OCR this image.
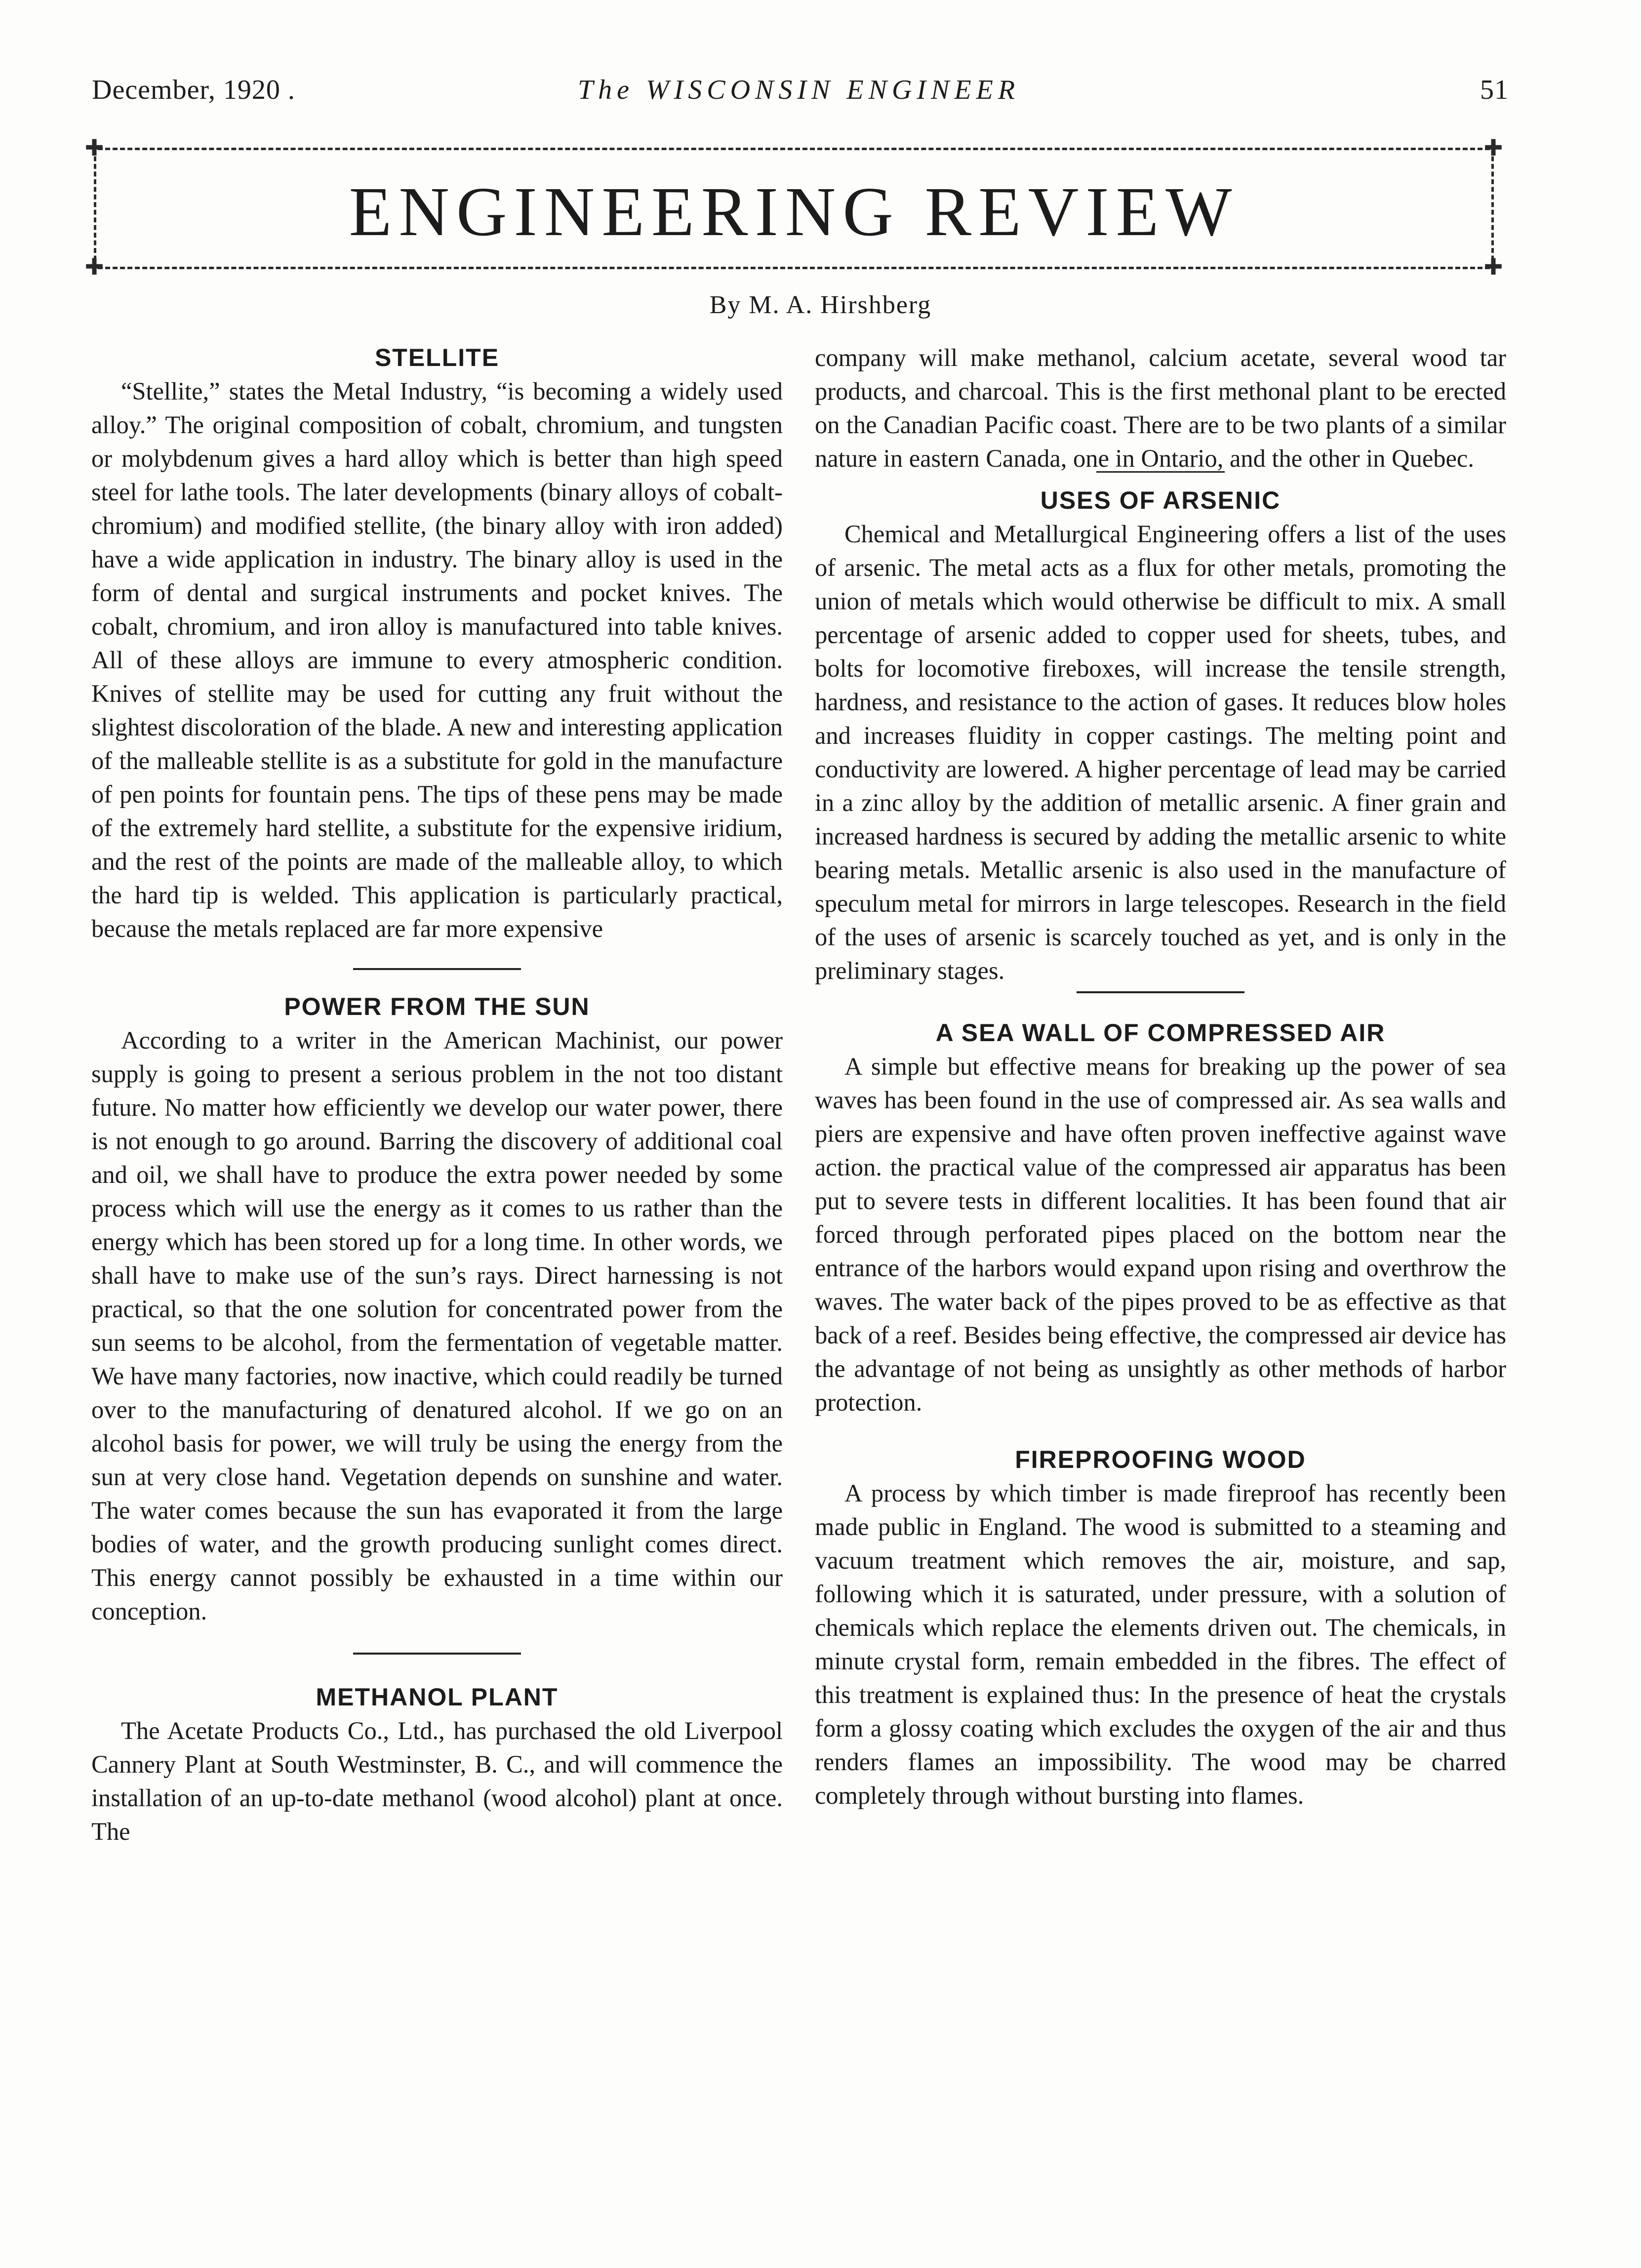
December, 1920 .	The WISCONSIN ENGINEER	51
✚	✚
✚	✚
ENGINEERING REVIEW
By M. A. Hirshberg
STELLITE

“Stellite,” states the Metal Industry, “is becoming a widely used alloy.” The original composition of cobalt, chromium, and tungsten or molybdenum gives a hard alloy which is better than high speed steel for lathe tools. The later developments (binary alloys of cobalt-chromium) and modified stellite, (the binary alloy with iron added) have a wide application in industry. The binary alloy is used in the form of dental and surgical instruments and pocket knives. The cobalt, chromium, and iron alloy is manufactured into table knives. All of these alloys are immune to every atmospheric condition. Knives of stellite may be used for cutting any fruit without the slightest discoloration of the blade. A new and interesting application of the malleable stellite is as a substitute for gold in the manufacture of pen points for fountain pens. The tips of these pens may be made of the extremely hard stellite, a substitute for the expensive iridium, and the rest of the points are made of the malleable alloy, to which the hard tip is welded. This application is particularly practical, because the metals replaced are far more expensive

POWER FROM THE SUN

According to a writer in the American Machinist, our power supply is going to present a serious problem in the not too distant future. No matter how efficiently we develop our water power, there is not enough to go around. Barring the discovery of additional coal and oil, we shall have to produce the extra power needed by some process which will use the energy as it comes to us rather than the energy which has been stored up for a long time. In other words, we shall have to make use of the sun’s rays. Direct harnessing is not practical, so that the one solution for concentrated power from the sun seems to be alcohol, from the fermentation of vegetable matter. We have many factories, now inactive, which could readily be turned over to the manufacturing of denatured alcohol. If we go on an alcohol basis for power, we will truly be using the energy from the sun at very close hand. Vegetation depends on sunshine and water. The water comes because the sun has evaporated it from the large bodies of water, and the growth producing sunlight comes direct. This energy cannot possibly be exhausted in a time within our conception.

METHANOL PLANT

The Acetate Products Co., Ltd., has purchased the old Liverpool Cannery Plant at South Westminster, B. C., and will commence the installation of an up-to-date methanol (wood alcohol) plant at once. The

company will make methanol, calcium acetate, several wood tar products, and charcoal. This is the first methonal plant to be erected on the Canadian Pacific coast. There are to be two plants of a similar nature in eastern Canada, one in Ontario, and the other in Quebec.

USES OF ARSENIC

Chemical and Metallurgical Engineering offers a list of the uses of arsenic. The metal acts as a flux for other metals, promoting the union of metals which would otherwise be difficult to mix. A small percentage of arsenic added to copper used for sheets, tubes, and bolts for locomotive fireboxes, will increase the tensile strength, hardness, and resistance to the action of gases. It reduces blow holes and increases fluidity in copper castings. The melting point and conductivity are lowered. A higher percentage of lead may be carried in a zinc alloy by the addition of metallic arsenic. A finer grain and increased hardness is secured by adding the metallic arsenic to white bearing metals. Metallic arsenic is also used in the manufacture of speculum metal for mirrors in large telescopes. Research in the field of the uses of arsenic is scarcely touched as yet, and is only in the preliminary stages.

A SEA WALL OF COMPRESSED AIR

A simple but effective means for breaking up the power of sea waves has been found in the use of compressed air. As sea walls and piers are expensive and have often proven ineffective against wave action. the practical value of the compressed air apparatus has been put to severe tests in different localities. It has been found that air forced through perforated pipes placed on the bottom near the entrance of the harbors would expand upon rising and overthrow the waves. The water back of the pipes proved to be as effective as that back of a reef. Besides being effective, the compressed air device has the advantage of not being as unsightly as other methods of harbor protection.

FIREPROOFING WOOD

A process by which timber is made fireproof has recently been made public in England. The wood is submitted to a steaming and vacuum treatment which removes the air, moisture, and sap, following which it is saturated, under pressure, with a solution of chemicals which replace the elements driven out. The chemicals, in minute crystal form, remain embedded in the fibres. The effect of this treatment is explained thus: In the presence of heat the crystals form a glossy coating which excludes the oxygen of the air and thus renders flames an impossibility. The wood may be charred completely through without bursting into flames.
